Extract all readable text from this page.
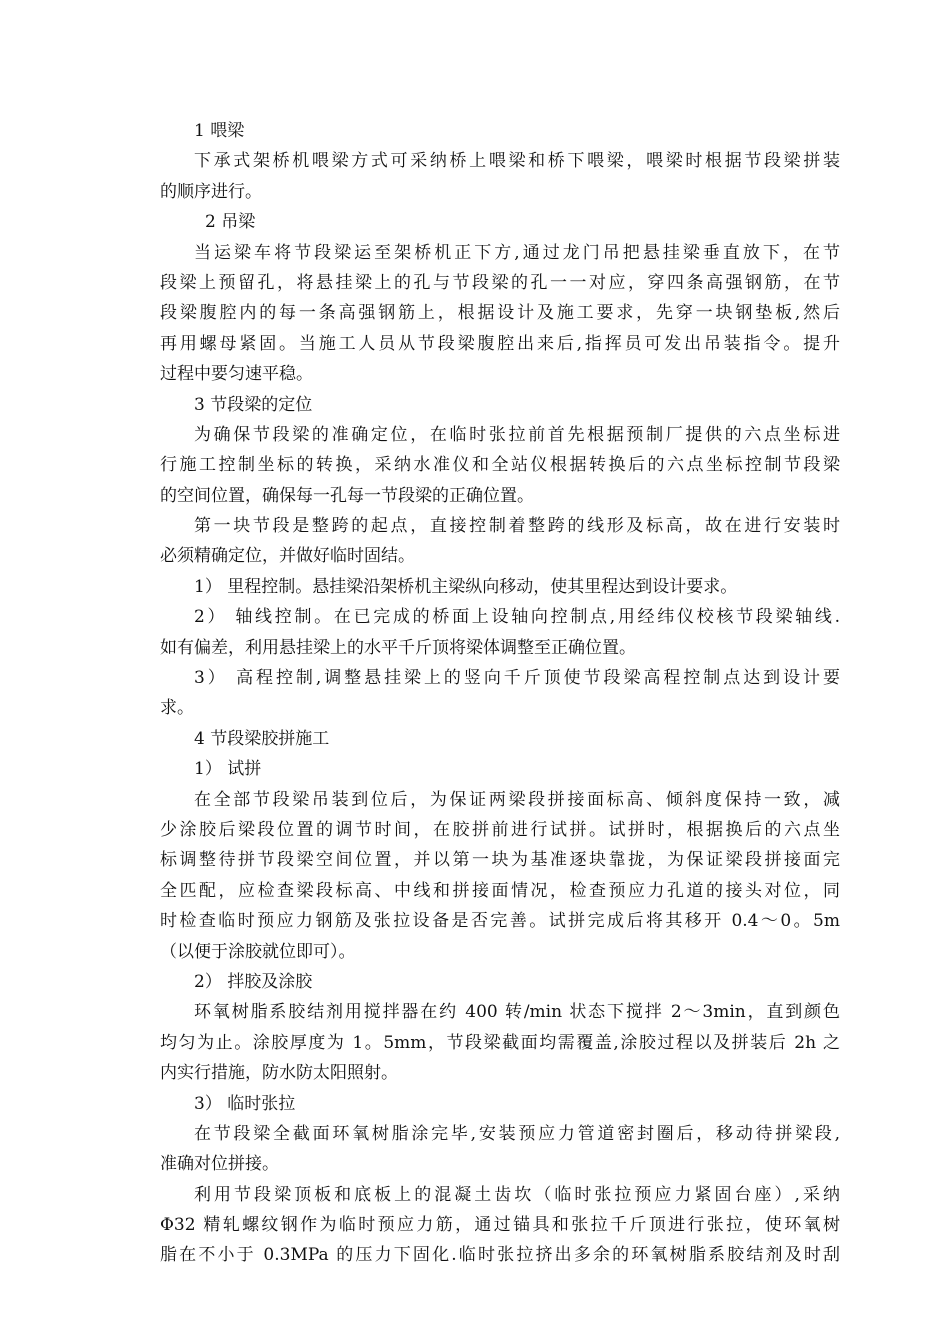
1 喂梁
下承式架桥机喂梁方式可采纳桥上喂梁和桥下喂梁，喂梁时根据节段梁拼装
的顺序进行。
2 吊梁
当运梁车将节段梁运至架桥机正下方,通过龙门吊把悬挂梁垂直放下，在节
段梁上预留孔，将悬挂梁上的孔与节段梁的孔一一对应，穿四条高强钢筋，在节
段梁腹腔内的每一条高强钢筋上，根据设计及施工要求，先穿一块钢垫板,然后
再用螺母紧固。当施工人员从节段梁腹腔出来后,指挥员可发出吊装指令。提升
过程中要匀速平稳。
3 节段梁的定位
为确保节段梁的准确定位，在临时张拉前首先根据预制厂提供的六点坐标进
行施工控制坐标的转换，采纳水准仪和全站仪根据转换后的六点坐标控制节段梁
的空间位置，确保每一孔每一节段梁的正确位置。
第一块节段是整跨的起点，直接控制着整跨的线形及标高，故在进行安装时
必须精确定位，并做好临时固结。
1） 里程控制。悬挂梁沿架桥机主梁纵向移动，使其里程达到设计要求。
2） 轴线控制。在已完成的桥面上设轴向控制点,用经纬仪校核节段梁轴线.
如有偏差，利用悬挂梁上的水平千斤顶将梁体调整至正确位置。
3） 高程控制,调整悬挂梁上的竖向千斤顶使节段梁高程控制点达到设计要
求。
4 节段梁胶拼施工
1） 试拼
在全部节段梁吊装到位后，为保证两梁段拼接面标高、倾斜度保持一致，减
少涂胶后梁段位置的调节时间，在胶拼前进行试拼。试拼时，根据换后的六点坐
标调整待拼节段梁空间位置，并以第一块为基准逐块靠拢，为保证梁段拼接面完
全匹配，应检查梁段标高、中线和拼接面情况，检查预应力孔道的接头对位，同
时检查临时预应力钢筋及张拉设备是否完善。试拼完成后将其移开 0.4～0。5m
（以便于涂胶就位即可）。
2） 拌胶及涂胶
环氧树脂系胶结剂用搅拌器在约 400 转/min 状态下搅拌 2～3min，直到颜色
均匀为止。涂胶厚度为 1。5mm，节段梁截面均需覆盖,涂胶过程以及拼装后 2h 之
内实行措施，防水防太阳照射。
3） 临时张拉
在节段梁全截面环氧树脂涂完毕,安装预应力管道密封圈后，移动待拼梁段,
准确对位拼接。
利用节段梁顶板和底板上的混凝土齿坎（临时张拉预应力紧固台座）,采纳
Φ32 精轧螺纹钢作为临时预应力筋，通过锚具和张拉千斤顶进行张拉，使环氧树
脂在不小于 0.3MPa 的压力下固化.临时张拉挤出多余的环氧树脂系胶结剂及时刮
